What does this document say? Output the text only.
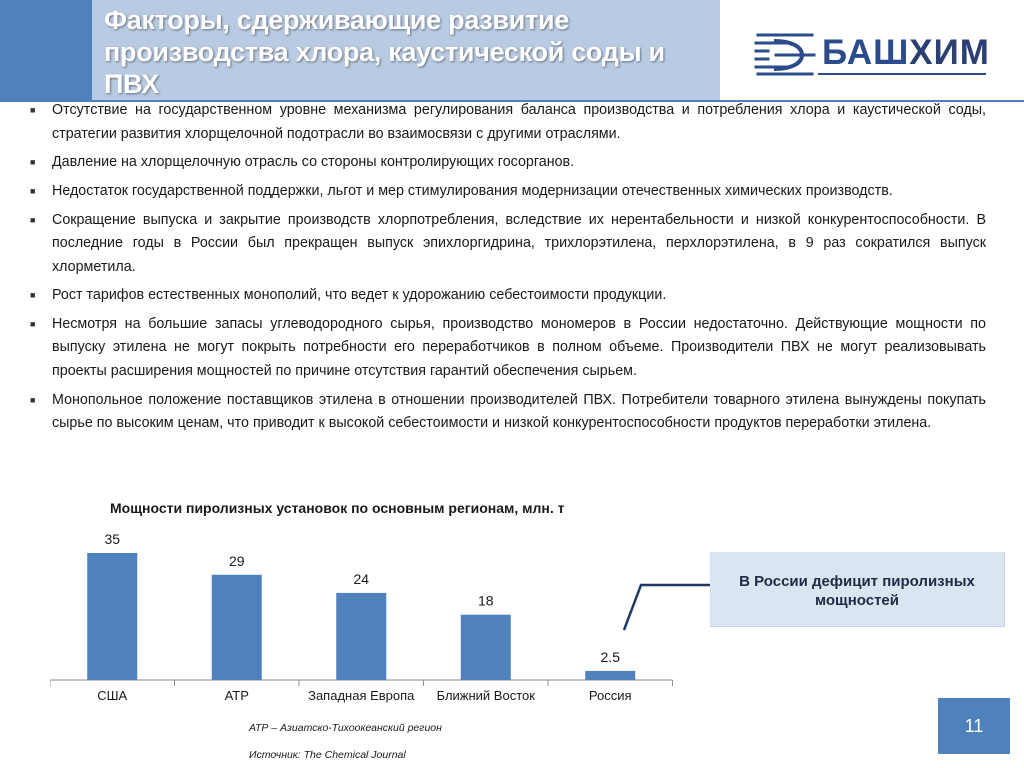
Факторы, сдерживающие развитие производства хлора, каустической соды и ПВХ
БАШХИМ
■ Отсутствие на государственном уровне механизма регулирования баланса производства и потребления хлора и каустической соды, стратегии развития хлорщелочной подотрасли во взаимосвязи с другими отраслями.
■ Давление на хлорщелочную отрасль со стороны контролирующих госорганов.
■ Недостаток государственной поддержки, льгот и мер стимулирования модернизации отечественных химических производств.
■ Сокращение выпуска и закрытие производств хлорпотребления, вследствие их нерентабельности и низкой конкурентоспособности. В последние годы в России был прекращен выпуск эпихлоргидрина, трихлорэтилена, перхлорэтилена, в 9 раз сократился выпуск хлорметила.
■ Рост тарифов естественных монополий, что ведет к удорожанию себестоимости продукции.
■ Несмотря на большие запасы углеводородного сырья, производство мономеров в России недостаточно. Действующие мощности по выпуску этилена не могут покрыть потребности его переработчиков в полном объеме. Производители ПВХ не могут реализовывать проекты расширения мощностей по причине отсутствия гарантий обеспечения сырьем.
■ Монопольное положение поставщиков этилена в отношении производителей ПВХ. Потребители товарного этилена вынуждены покупать сырье по высоким ценам, что приводит к высокой себестоимости и низкой конкурентоспособности продуктов переработки этилена.
Мощности пиролизных установок по основным регионам, млн. т
35
29
24
18
2.5
США	АТР	Западная Европа	Ближний Восток	Россия
В России дефицит пиролизных мощностей
АТР – Азиатско-Тихоокеанский регион
Источник: The Chemical Journal
11
